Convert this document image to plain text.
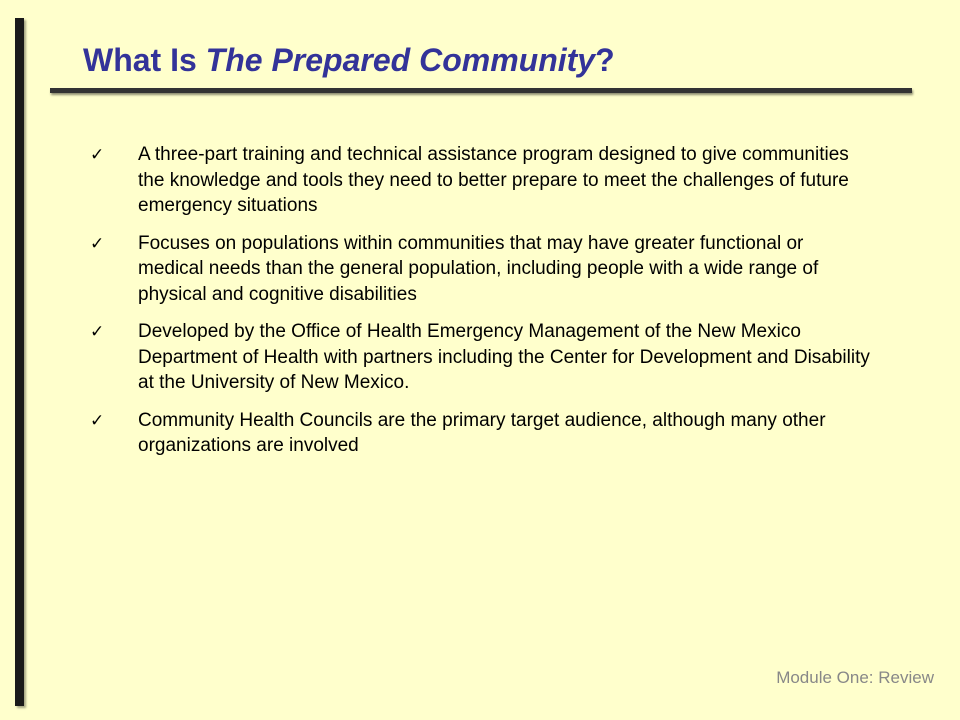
What Is The Prepared Community?
✓ A three-part training and technical assistance program designed to give communities the knowledge and tools they need to better prepare to meet the challenges of future emergency situations
✓ Focuses on populations within communities that may have greater functional or medical needs than the general population, including people with a wide range of physical and cognitive disabilities
✓ Developed by the Office of Health Emergency Management of the New Mexico Department of Health with partners including the Center for Development and Disability at the University of New Mexico.
✓ Community Health Councils are the primary target audience, although many other organizations are involved
Module One: Review
